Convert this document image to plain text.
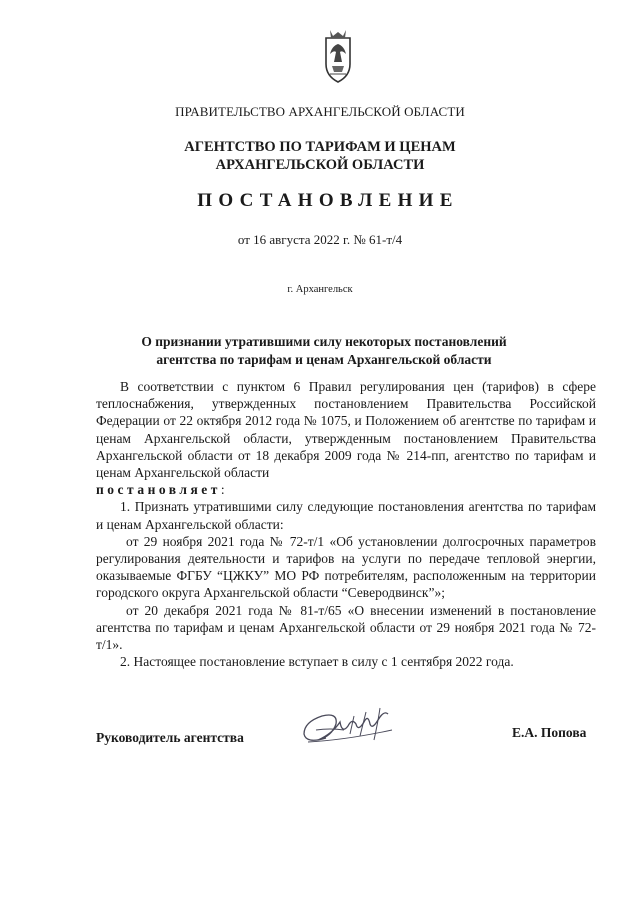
ПРАВИТЕЛЬСТВО АРХАНГЕЛЬСКОЙ ОБЛАСТИ
АГЕНТСТВО ПО ТАРИФАМ И ЦЕНАМ
АРХАНГЕЛЬСКОЙ ОБЛАСТИ
ПОСТАНОВЛЕНИЕ
от 16 августа 2022 г. № 61-т/4
г. Архангельск
О признании утратившими силу некоторых постановлений
агентства по тарифам и ценам Архангельской области

В соответствии с пунктом 6 Правил регулирования цен (тарифов) в сфере теплоснабжения, утвержденных постановлением Правительства Российской Федерации от 22 октября 2012 года № 1075, и Положением об агентстве по тарифам и ценам Архангельской области, утвержденным постановлением Правительства Архангельской области от 18 декабря 2009 года № 214-пп, агентство по тарифам и ценам Архангельской области

постановляет:

1. Признать утратившими силу следующие постановления агентства по тарифам и ценам Архангельской области:

от 29 ноября 2021 года № 72-т/1 «Об установлении долгосрочных параметров регулирования деятельности и тарифов на услуги по передаче тепловой энергии, оказываемые ФГБУ “ЦЖКУ” МО РФ потребителям, расположенным на территории городского округа Архангельской области “Северодвинск”»;

от 20 декабря 2021 года № 81-т/65 «О внесении изменений в постановление агентства по тарифам и ценам Архангельской области от 29 ноября 2021 года № 72-т/1».

2. Настоящее постановление вступает в силу с 1 сентября 2022 года.

Руководитель агентства	Е.А. Попова
